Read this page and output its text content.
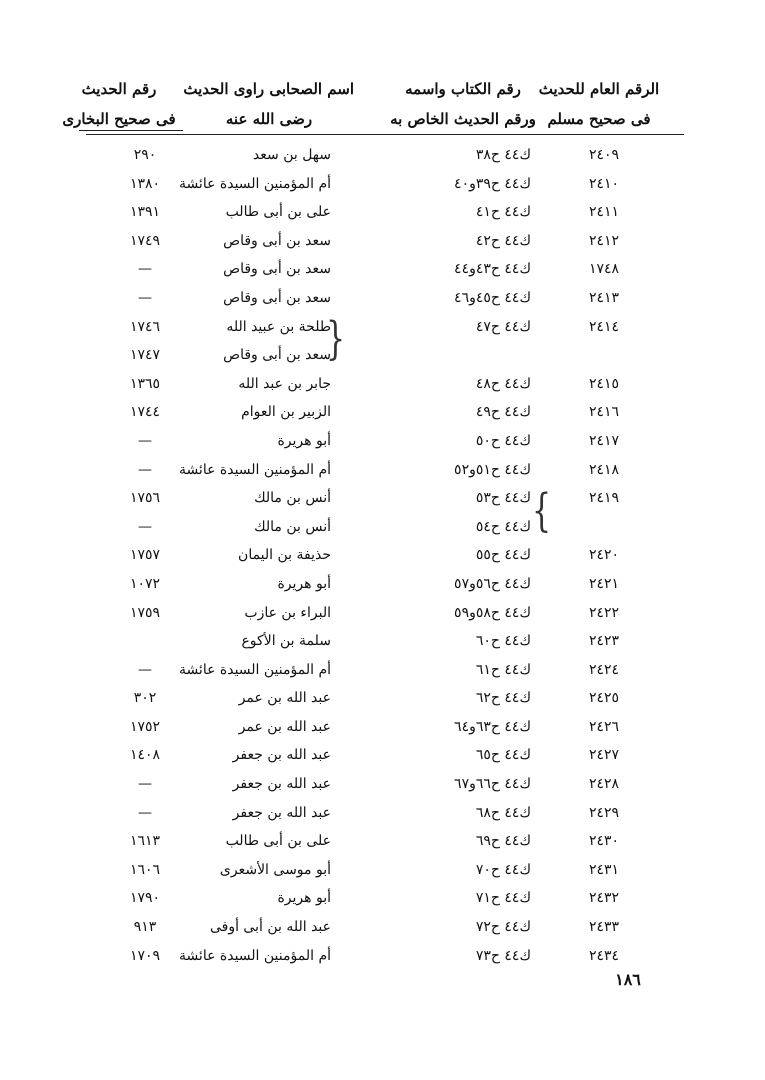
الرقم العام للحديث
فى صحيح مسلم
رقم الكتاب واسمه
ورقم الحديث الخاص به
اسم الصحابى راوى الحديث
رضى الله عنه
رقم الحديث
فى صحيح البخارى
٢٤٠٩
ك٤٤ ح٣٨
سهل بن سعد
٢٩٠
٢٤١٠
ك٤٤ ح٣٩و٤٠
أم المؤمنين السيدة عائشة
١٣٨٠
٢٤١١
ك٤٤ ح٤١
على بن أبى طالب
١٣٩١
٢٤١٢
ك٤٤ ح٤٢
سعد بن أبى وقاص
١٧٤٩
١٧٤٨
ك٤٤ ح٤٣و٤٤
سعد بن أبى وقاص
—
٢٤١٣
ك٤٤ ح٤٥و٤٦
سعد بن أبى وقاص
—
٢٤١٤
ك٤٤ ح٤٧
طلحة بن عبيد الله
١٧٤٦
سعد بن أبى وقاص
١٧٤٧
٢٤١٥
ك٤٤ ح٤٨
جابر بن عبد الله
١٣٦٥
٢٤١٦
ك٤٤ ح٤٩
الزبير بن العوام
١٧٤٤
٢٤١٧
ك٤٤ ح٥٠
أبو هريرة
—
٢٤١٨
ك٤٤ ح٥١و٥٢
أم المؤمنين السيدة عائشة
—
٢٤١٩
ك٤٤ ح٥٣
أنس بن مالك
١٧٥٦
ك٤٤ ح٥٤
أنس بن مالك
—
٢٤٢٠
ك٤٤ ح٥٥
حذيفة بن اليمان
١٧٥٧
٢٤٢١
ك٤٤ ح٥٦و٥٧
أبو هريرة
١٠٧٢
٢٤٢٢
ك٤٤ ح٥٨و٥٩
البراء بن عازب
١٧٥٩
٢٤٢٣
ك٤٤ ح٦٠
سلمة بن الأكوع
٢٤٢٤
ك٤٤ ح٦١
أم المؤمنين السيدة عائشة
—
٢٤٢٥
ك٤٤ ح٦٢
عبد الله بن عمر
٣٠٢
٢٤٢٦
ك٤٤ ح٦٣و٦٤
عبد الله بن عمر
١٧٥٢
٢٤٢٧
ك٤٤ ح٦٥
عبد الله بن جعفر
١٤٠٨
٢٤٢٨
ك٤٤ ح٦٦و٦٧
عبد الله بن جعفر
—
٢٤٢٩
ك٤٤ ح٦٨
عبد الله بن جعفر
—
٢٤٣٠
ك٤٤ ح٦٩
على بن أبى طالب
١٦١٣
٢٤٣١
ك٤٤ ح٧٠
أبو موسى الأشعرى
١٦٠٦
٢٤٣٢
ك٤٤ ح٧١
أبو هريرة
١٧٩٠
٢٤٣٣
ك٤٤ ح٧٢
عبد الله بن أبى أوفى
٩١٣
٢٤٣٤
ك٤٤ ح٧٣
أم المؤمنين السيدة عائشة
١٧٠٩
}
{
١٨٦
